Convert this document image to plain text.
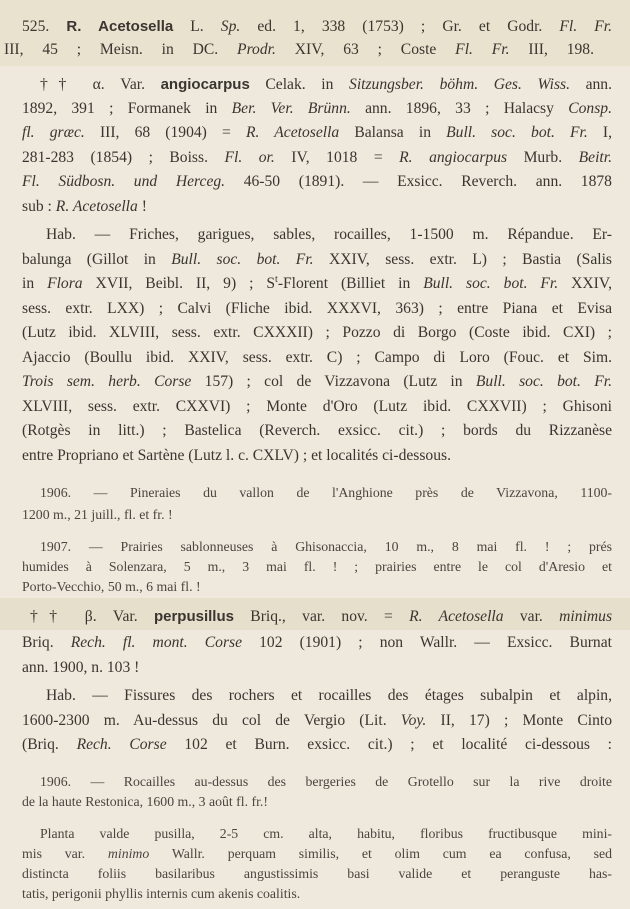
525. R. Acetosella L. Sp. ed. 1, 338 (1753) ; Gr. et Godr. Fl. Fr.
III, 45 ; Meisn. in DC. Prodr. XIV, 63 ; Coste Fl. Fr. III, 198.
†† α. Var. angiocarpus Celak. in Sitzungsber. böhm. Ges. Wiss. ann.
1892, 391 ; Formanek in Ber. Ver. Brünn. ann. 1896, 33 ; Halacsy Consp.
fl. græc. III, 68 (1904) = R. Acetosella Balansa in Bull. soc. bot. Fr. I,
281-283 (1854) ; Boiss. Fl. or. IV, 1018 = R. angiocarpus Murb. Beitr.
Fl. Südbosn. und Herceg. 46-50 (1891). — Exsicc. Reverch. ann. 1878
sub : R. Acetosella !
Hab. — Friches, garigues, sables, rocailles, 1-1500 m. Répandue. Er-
balunga (Gillot in Bull. soc. bot. Fr. XXIV, sess. extr. L) ; Bastia (Salis
in Flora XVII, Beibl. II, 9) ; $S^t$-Florent (Billiet in Bull. soc. bot. Fr. XXIV,
sess. extr. LXX) ; Calvi (Fliche ibid. XXXVI, 363) ; entre Piana et Evisa
(Lutz ibid. XLVIII, sess. extr. CXXXII) ; Pozzo di Borgo (Coste ibid. CXI) ;
Ajaccio (Boullu ibid. XXIV, sess. extr. C) ; Campo di Loro (Fouc. et Sim.
Trois sem. herb. Corse 157) ; col de Vizzavona (Lutz in Bull. soc. bot. Fr.
XLVIII, sess. extr. CXXVI) ; Monte d'Oro (Lutz ibid. CXXVII) ; Ghisoni
(Rotgès in litt.) ; Bastelica (Reverch. exsicc. cit.) ; bords du Rizzanèse
entre Propriano et Sartène (Lutz l. c. CXLV) ; et localités ci-dessous.
1906. — Pineraies du vallon de l'Anghione près de Vizzavona, 1100-
1200 m., 21 juill., fl. et fr. !
1907. — Prairies sablonneuses à Ghisonaccia, 10 m., 8 mai fl. ! ; prés
humides à Solenzara, 5 m., 3 mai fl. ! ; prairies entre le col d'Aresio et
Porto-Vecchio, 50 m., 6 mai fl. !
†† β. Var. perpusillus Briq., var. nov. = R. Acetosella var. minimus
Briq. Rech. fl. mont. Corse 102 (1901) ; non Wallr. — Exsicc. Burnat
ann. 1900, n. 103 !
Hab. — Fissures des rochers et rocailles des étages subalpin et alpin,
1600-2300 m. Au-dessus du col de Vergio (Lit. Voy. II, 17) ; Monte Cinto
(Briq. Rech. Corse 102 et Burn. exsicc. cit.) ; et localité ci-dessous :
1906. — Rocailles au-dessus des bergeries de Grotello sur la rive droite
de la haute Restonica, 1600 m., 3 août fl. fr.!
Planta valde pusilla, 2-5 cm. alta, habitu, floribus fructibusque mini-
mis var. minimo Wallr. perquam similis, et olim cum ea confusa, sed
distincta foliis basilaribus angustissimis basi valide et peranguste has-
tatis, perigonii phyllis internis cum akenis coalitis.
